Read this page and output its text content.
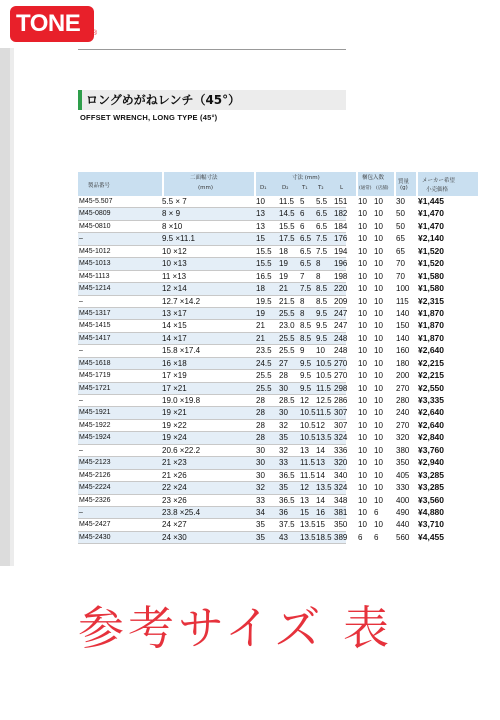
TONE ®
ロングめがねレンチ（45°）
OFFSET WRENCH, LONG TYPE (45°)
製品番号
二面幅寸法
(mm)
寸法 (mm)
D₁	D₂ T₁ T₂	L
梱包入数
(通常) (店舗)
質量
(g)
メーカー希望
小売価格
M45-5.507	5.5 × 7	10 11.5 5 5.5 151 10 10 30 ¥1,445
M45-0809	8 × 9	13 14.5 6 6.5 182 10 10 50 ¥1,470
M45-0810	8 ×10	13 15.5 6 6.5 184 10 10 50 ¥1,470
–	9.5 ×11.1	15 17.5 6.5 7.5 176 10 10 65 ¥2,140
M45-1012	10 ×12	15.5 18 6.5 7.5 194 10 10 65 ¥1,520
M45-1013	10 ×13	15.5 19 6.5 8 196 10 10 70 ¥1,520
M45-1113	11 ×13	16.5 19 7 8 198 10 10 70 ¥1,580
M45-1214	12 ×14	18 21 7.5 8.5 220 10 10 100 ¥1,580
–	12.7 ×14.2	19.5 21.5 8 8.5 209 10 10 115 ¥2,315
M45-1317	13 ×17	19 25.5 8 9.5 247 10 10 140 ¥1,870
M45-1415	14 ×15	21 23.0 8.5 9.5 247 10 10 150 ¥1,870
M45-1417	14 ×17	21 25.5 8.5 9.5 248 10 10 140 ¥1,870
–	15.8 ×17.4	23.5 25.5 9 10 248 10 10 160 ¥2,640
M45-1618	16 ×18	24.5 27 9.5 10.5 270 10 10 180 ¥2,215
M45-1719	17 ×19	25.5 28 9.5 10.5 270 10 10 200 ¥2,215
M45-1721	17 ×21	25.5 30 9.5 11.5 298 10 10 270 ¥2,550
–	19.0 ×19.8	28 28.5 12 12.5 286 10 10 280 ¥3,335
M45-1921	19 ×21	28 30 10.5 11.5 307 10 10 240 ¥2,640
M45-1922	19 ×22	28 32 10.5 12 307 10 10 270 ¥2,640
M45-1924	19 ×24	28 35 10.5 13.5 324 10 10 320 ¥2,840
–	20.6 ×22.2	30 32 13 14 336 10 10 380 ¥3,760
M45-2123	21 ×23	30 33 11.5 13 320 10 10 350 ¥2,940
M45-2126	21 ×26	30 36.5 11.5 14 340 10 10 405 ¥3,285
M45-2224	22 ×24	32 35 12 13.5 324 10 10 330 ¥3,285
M45-2326	23 ×26	33 36.5 13 14 348 10 10 400 ¥3,560
–	23.8 ×25.4	34 36 15 16 381 10 6 490 ¥4,880
M45-2427	24 ×27	35 37.5 13.5 15 350 10 10 440 ¥3,710
M45-2430	24 ×30	35 43 13.5 18.5 389 6 6 560 ¥4,455
参考サイズ 表
